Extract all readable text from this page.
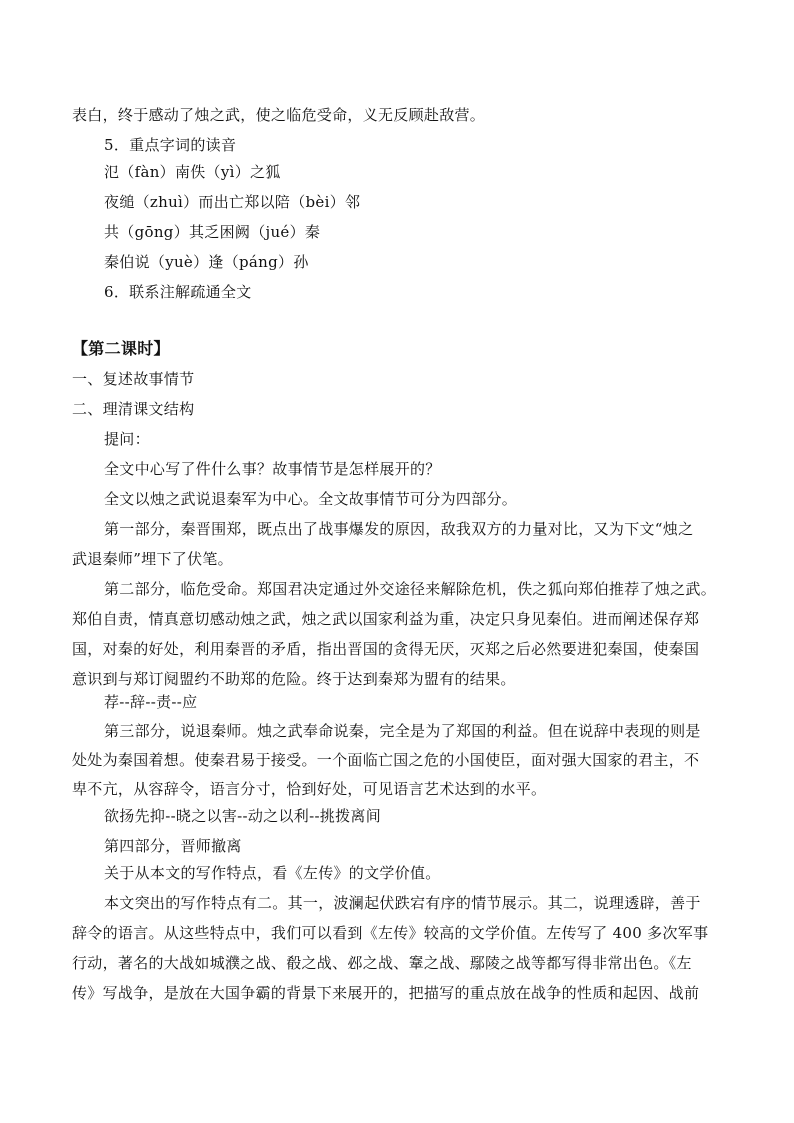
表白，终于感动了烛之武，使之临危受命，义无反顾赴敌营。
5．重点字词的读音
氾（fàn）南佚（yì）之狐
夜缒（zhuì）而出亡郑以陪（bèi）邻
共（gōng）其乏困阙（jué）秦
秦伯说（yuè）逢（páng）孙
6．联系注解疏通全文
【第二课时】
一、复述故事情节
二、理清课文结构
提问：
全文中心写了件什么事？故事情节是怎样展开的？
全文以烛之武说退秦军为中心。全文故事情节可分为四部分。
第一部分，秦晋围郑，既点出了战事爆发的原因，敌我双方的力量对比，又为下文“烛之
武退秦师”埋下了伏笔。
第二部分，临危受命。郑国君决定通过外交途径来解除危机，佚之狐向郑伯推荐了烛之武。
郑伯自责，情真意切感动烛之武，烛之武以国家利益为重，决定只身见秦伯。进而阐述保存郑
国，对秦的好处，利用秦晋的矛盾，指出晋国的贪得无厌，灭郑之后必然要进犯秦国，使秦国
意识到与郑订阋盟约不助郑的危险。终于达到秦郑为盟有的结果。
荐--辞--责--应
第三部分，说退秦师。烛之武奉命说秦，完全是为了郑国的利益。但在说辞中表现的则是
处处为秦国着想。使秦君易于接受。一个面临亡国之危的小国使臣，面对强大国家的君主，不
卑不亢，从容辞令，语言分寸，恰到好处，可见语言艺术达到的水平。
欲扬先抑--晓之以害--动之以利--挑拨离间
第四部分，晋师撤离
关于从本文的写作特点，看《左传》的文学价值。
本文突出的写作特点有二。其一，波澜起伏跌宕有序的情节展示。其二，说理透辟，善于
辞令的语言。从这些特点中，我们可以看到《左传》较高的文学价值。左传写了 400 多次军事
行动，著名的大战如城濮之战、殽之战、邲之战、鞌之战、鄢陵之战等都写得非常出色。《左
传》写战争，是放在大国争霸的背景下来展开的，把描写的重点放在战争的性质和起因、战前
